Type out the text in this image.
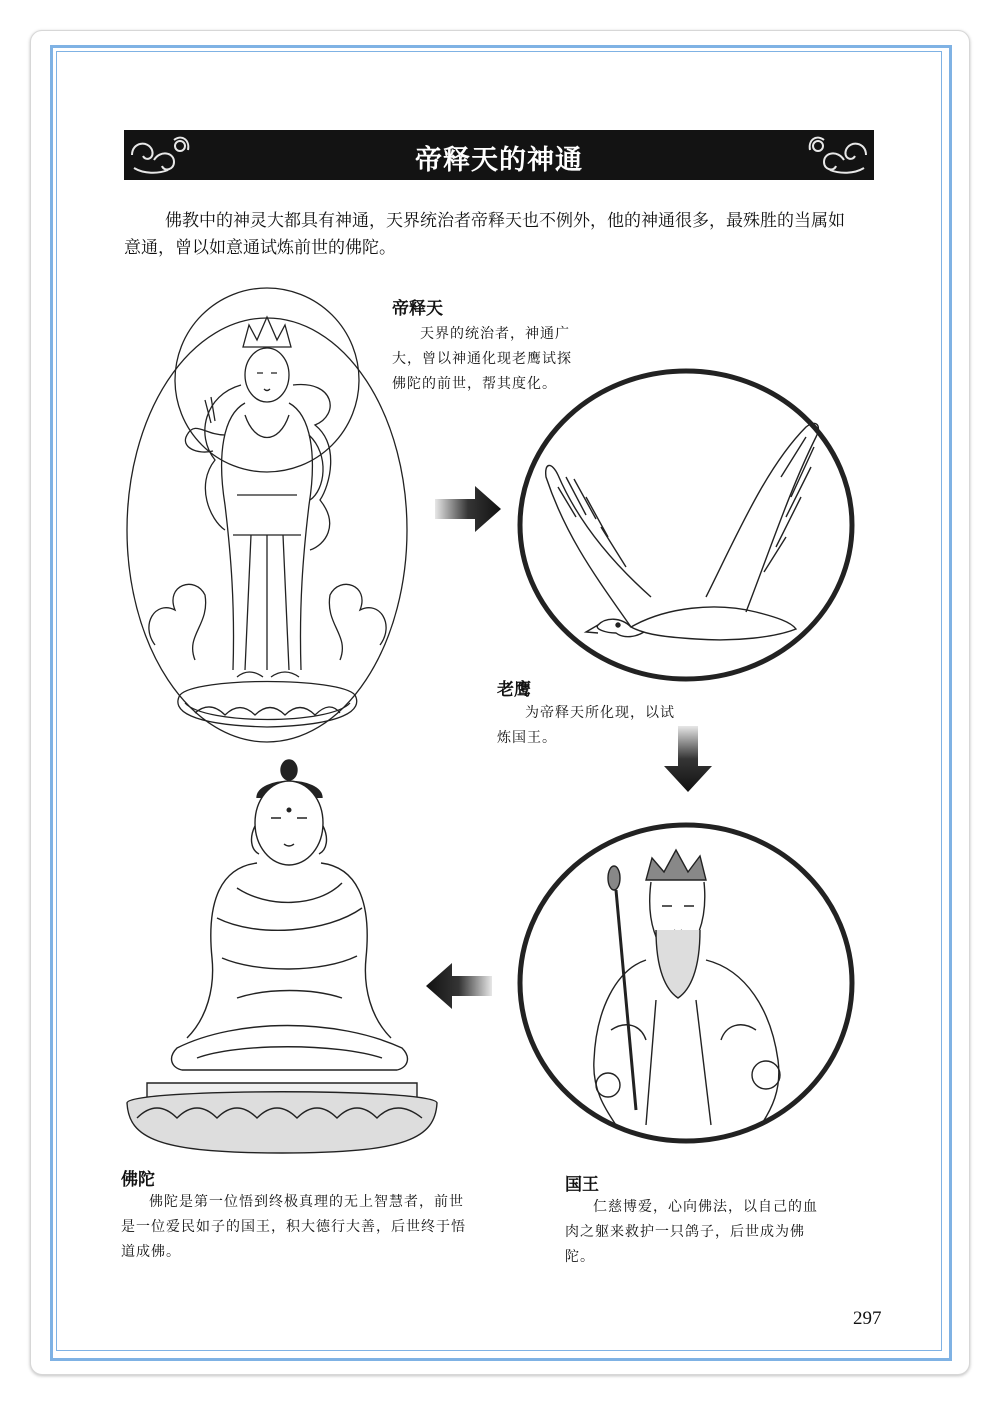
帝释天的神通

佛教中的神灵大都具有神通，天界统治者帝释天也不例外，他的神通很多，最殊胜的当属如意通，曾以如意通试炼前世的佛陀。

帝释天

天界的统治者，神通广大，曾以神通化现老鹰试探佛陀的前世，帮其度化。

老鹰

为帝释天所化现，以试炼国王。

佛陀

佛陀是第一位悟到终极真理的无上智慧者，前世是一位爱民如子的国王，积大德行大善，后世终于悟道成佛。

国王

仁慈博爱，心向佛法，以自己的血肉之躯来救护一只鸽子，后世成为佛陀。

297
